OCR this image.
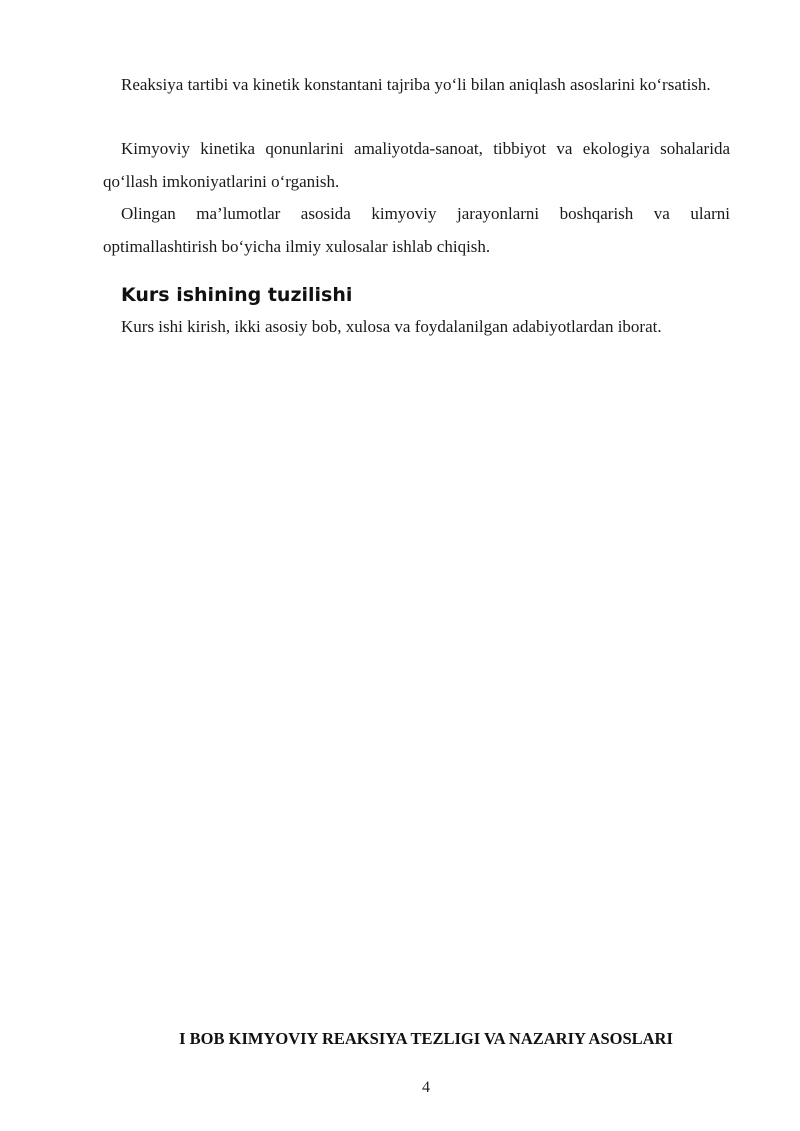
Reaksiya tartibi va kinetik konstantani tajriba yo‘li bilan aniqlash asoslarini ko‘rsatish.

Kimyoviy kinetika qonunlarini amaliyotda-sanoat, tibbiyot va ekologiya sohalarida qo‘llash imkoniyatlarini o‘rganish.

Olingan ma’lumotlar asosida kimyoviy jarayonlarni boshqarish va ularni optimallashtirish bo‘yicha ilmiy xulosalar ishlab chiqish.

Kurs ishining tuzilishi

Kurs ishi kirish, ikki asosiy bob, xulosa va foydalanilgan adabiyotlardan iborat.

I BOB KIMYOVIY REAKSIYA TEZLIGI VA NAZARIY ASOSLARI
4
